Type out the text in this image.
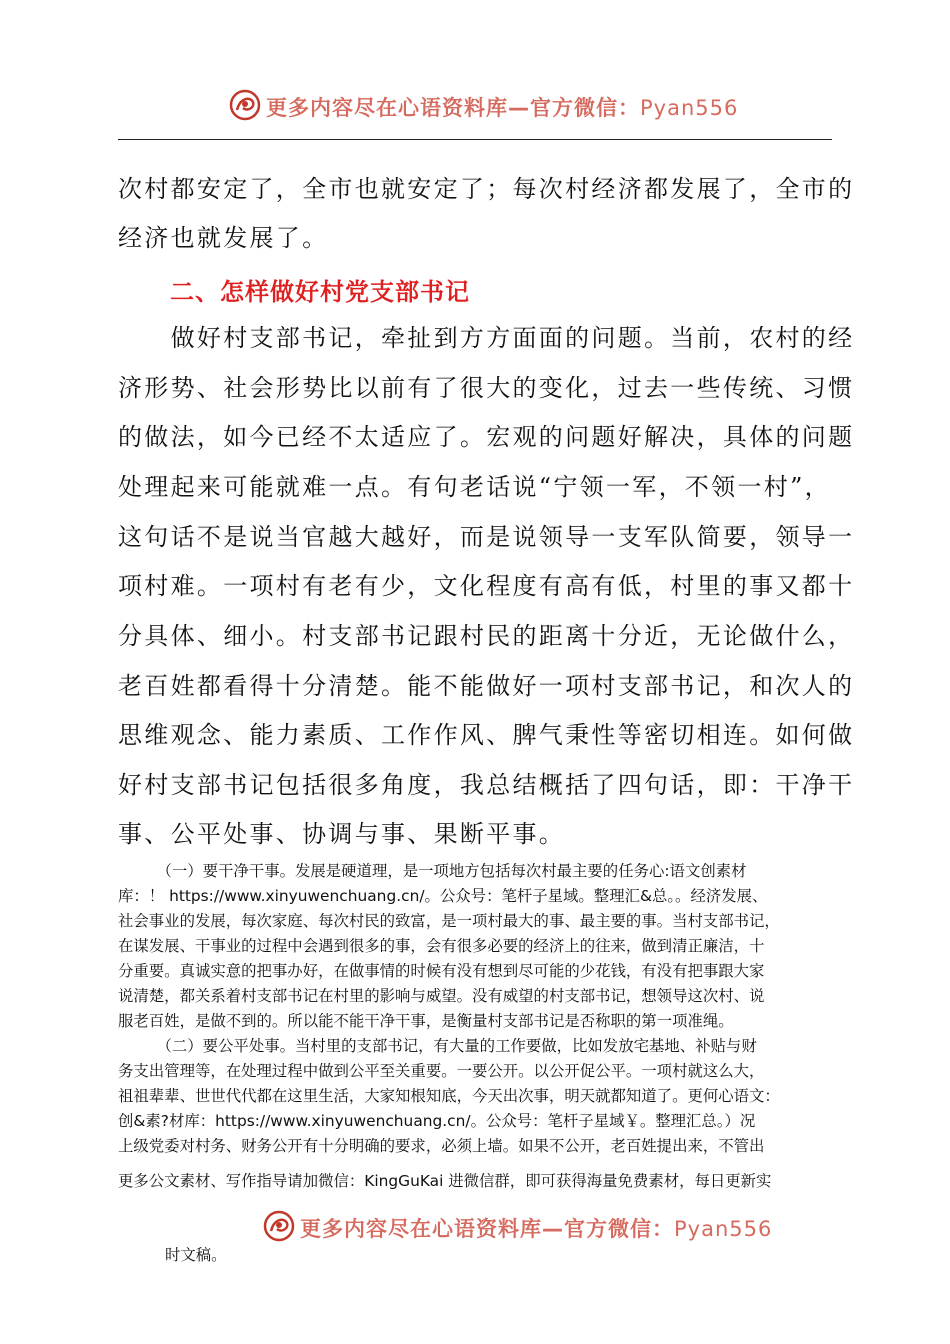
更多内容尽在心语资料库—官方微信：Pyan556
次村都安定了，全市也就安定了；每次村经济都发展了，全市的
经济也就发展了。
二、怎样做好村党支部书记
　　做好村支部书记，牵扯到方方面面的问题。当前，农村的经
济形势、社会形势比以前有了很大的变化，过去一些传统、习惯
的做法，如今已经不太适应了。宏观的问题好解决，具体的问题
处理起来可能就难一点。有句老话说“宁领一军，不领一村”，
这句话不是说当官越大越好，而是说领导一支军队简要，领导一
项村难。一项村有老有少，文化程度有高有低，村里的事又都十
分具体、细小。村支部书记跟村民的距离十分近，无论做什么，
老百姓都看得十分清楚。能不能做好一项村支部书记，和次人的
思维观念、能力素质、工作作风、脾气秉性等密切相连。如何做
好村支部书记包括很多角度，我总结概括了四句话，即：干净干
事、公平处事、协调与事、果断平事。
　　　（一）要干净干事。发展是硬道理，是一项地方包括每次村最主要的任务心:语文创素材
库：！ https://www.xinyuwenchuang.cn/。公众号：笔杆子星域。整理汇&总。。经济发展、
社会事业的发展，每次家庭、每次村民的致富，是一项村最大的事、最主要的事。当村支部书记，
在谋发展、干事业的过程中会遇到很多的事，会有很多必要的经济上的往来，做到清正廉洁，十
分重要。真诚实意的把事办好，在做事情的时候有没有想到尽可能的少花钱，有没有把事跟大家
说清楚，都关系着村支部书记在村里的影响与威望。没有威望的村支部书记，想领导这次村、说
服老百姓，是做不到的。所以能不能干净干事，是衡量村支部书记是否称职的第一项准绳。
　　　（二）要公平处事。当村里的支部书记，有大量的工作要做，比如发放宅基地、补贴与财
务支出管理等，在处理过程中做到公平至关重要。一要公开。以公开促公平。一项村就这么大，
祖祖辈辈、世世代代都在这里生活，大家知根知底，今天出次事，明天就都知道了。更何心语文：
创&素?材库：https://www.xinyuwenchuang.cn/。公众号：笔杆子星域￥。整理汇总。）况
上级党委对村务、财务公开有十分明确的要求，必须上墙。如果不公开，老百姓提出来，不管出
更多公文素材、写作指导请加微信：KingGuKai 进微信群，即可获得海量免费素材，每日更新实
更多内容尽在心语资料库—官方微信：Pyan556
时文稿。
